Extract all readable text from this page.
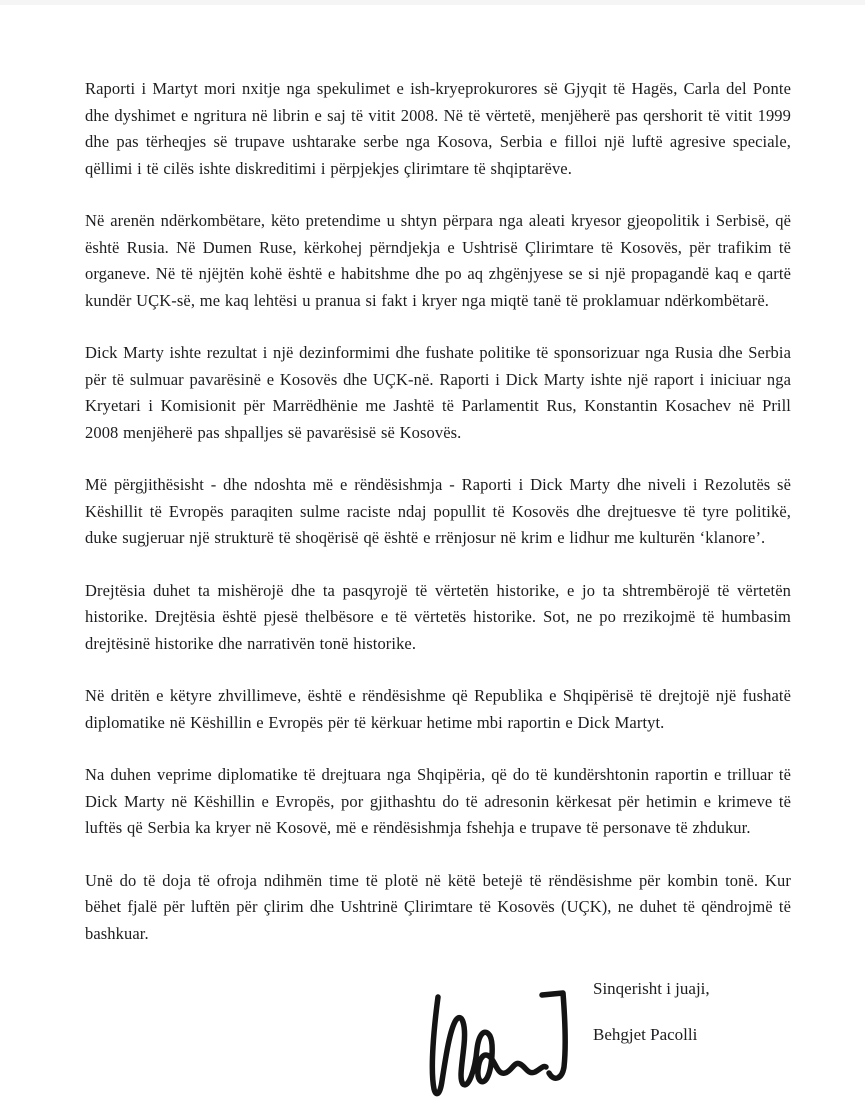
Raporti i Martyt mori nxitje nga spekulimet e ish-kryeprokurores së Gjyqit të Hagës, Carla del Ponte dhe dyshimet e ngritura në librin e saj të vitit 2008. Në të vërtetë, menjëherë pas qershorit të vitit 1999 dhe pas tërheqjes së trupave ushtarake serbe nga Kosova, Serbia e filloi një luftë agresive speciale, qëllimi i të cilës ishte diskreditimi i përpjekjes çlirimtare të shqiptarëve.

Në arenën ndërkombëtare, këto pretendime u shtyn përpara nga aleati kryesor gjeopolitik i Serbisë, që është Rusia. Në Dumen Ruse, kërkohej përndjekja e Ushtrisë Çlirimtare të Kosovës, për trafikim të organeve. Në të njëjtën kohë është e habitshme dhe po aq zhgënjyese se si një propagandë kaq e qartë kundër UÇK-së, me kaq lehtësi u pranua si fakt i kryer nga miqtë tanë të proklamuar ndërkombëtarë.

Dick Marty ishte rezultat i një dezinformimi dhe fushate politike të sponsorizuar nga Rusia dhe Serbia për të sulmuar pavarësinë e Kosovës dhe UÇK-në. Raporti i Dick Marty ishte një raport i iniciuar nga Kryetari i Komisionit për Marrëdhënie me Jashtë të Parlamentit Rus, Konstantin Kosachev në Prill 2008 menjëherë pas shpalljes së pavarësisë së Kosovës.

Më përgjithësisht - dhe ndoshta më e rëndësishmja - Raporti i Dick Marty dhe niveli i Rezolutës së Këshillit të Evropës paraqiten sulme raciste ndaj popullit të Kosovës dhe drejtuesve të tyre politikë, duke sugjeruar një strukturë të shoqërisë që është e rrënjosur në krim e lidhur me kulturën ‘klanore’.

Drejtësia duhet ta mishërojë dhe ta pasqyrojë të vërtetën historike, e jo ta shtrembërojë të vërtetën historike. Drejtësia është pjesë thelbësore e të vërtetës historike. Sot, ne po rrezikojmë të humbasim drejtësinë historike dhe narrativën tonë historike.

Në dritën e këtyre zhvillimeve, është e rëndësishme që Republika e Shqipërisë të drejtojë një fushatë diplomatike në Këshillin e Evropës për të kërkuar hetime mbi raportin e Dick Martyt.

Na duhen veprime diplomatike të drejtuara nga Shqipëria, që do të kundërshtonin raportin e trilluar të Dick Marty në Këshillin e Evropës, por gjithashtu do të adresonin kërkesat për hetimin e krimeve të luftës që Serbia ka kryer në Kosovë, më e rëndësishmja fshehja e trupave të personave të zhdukur.

Unë do të doja të ofroja ndihmën time të plotë në këtë betejë të rëndësishme për kombin tonë. Kur bëhet fjalë për luftën për çlirim dhe Ushtrinë Çlirimtare të Kosovës (UÇK), ne duhet të qëndrojmë të bashkuar.

Sinqerisht i juaji,
Behgjet Pacolli
